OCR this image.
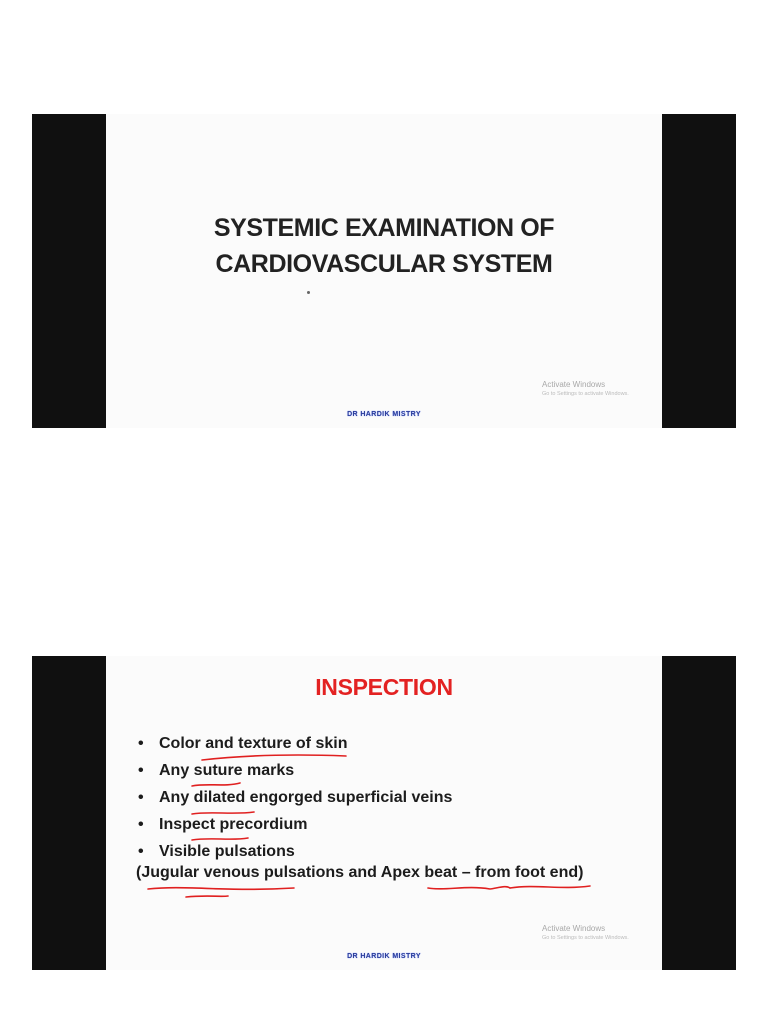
SYSTEMIC EXAMINATION OF
CARDIOVASCULAR SYSTEM
Activate Windows
Go to Settings to activate Windows.
DR HARDIK MISTRY
INSPECTION
• Color and texture of skin
• Any suture marks
• Any dilated engorged superficial veins
• Inspect precordium
• Visible pulsations
(Jugular venous pulsations and Apex beat – from foot end)
Activate Windows
Go to Settings to activate Windows.
DR HARDIK MISTRY
